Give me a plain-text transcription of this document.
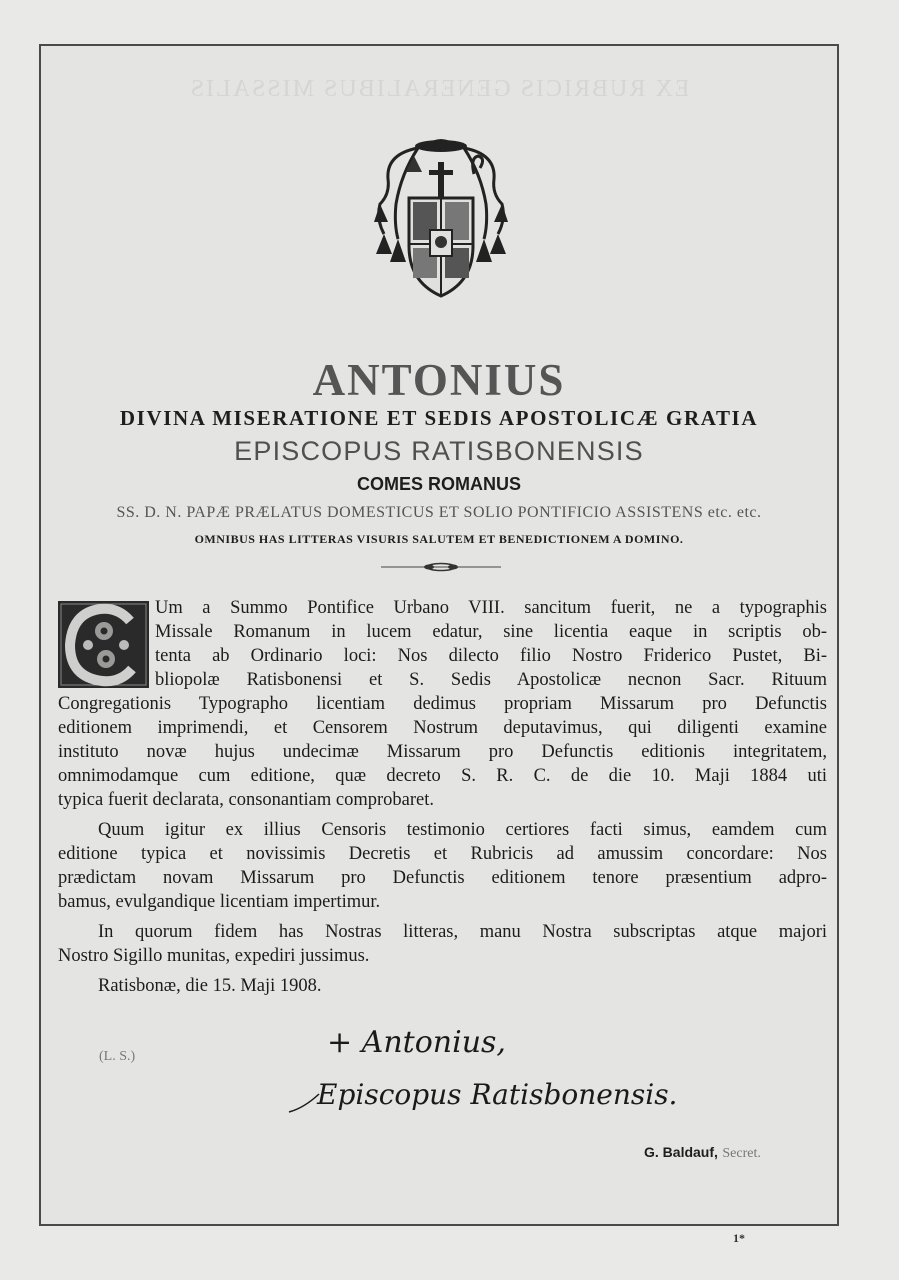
EX RUBRICIS GENERALIBUS MISSALIS
ANTONIUS
DIVINA MISERATIONE ET SEDIS APOSTOLICÆ GRATIA
EPISCOPUS RATISBONENSIS
COMES ROMANUS
SS. D. N. PAPÆ PRÆLATUS DOMESTICUS ET SOLIO PONTIFICIO ASSISTENS etc. etc.
OMNIBUS HAS LITTERAS VISURIS SALUTEM ET BENEDICTIONEM A DOMINO.
Um a Summo Pontifice Urbano VIII. sancitum fuerit, ne a typographis
Missale Romanum in lucem edatur, sine licentia eaque in scriptis ob-
tenta ab Ordinario loci: Nos dilecto filio Nostro Friderico Pustet, Bi-
bliopolæ Ratisbonensi et S. Sedis Apostolicæ necnon Sacr. Rituum
Congregationis Typographo licentiam dedimus propriam Missarum pro Defunctis
editionem imprimendi, et Censorem Nostrum deputavimus, qui diligenti examine
instituto novæ hujus undecimæ Missarum pro Defunctis editionis integritatem,
omnimodamque cum editione, quæ decreto S. R. C. de die 10. Maji 1884 uti
typica fuerit declarata, consonantiam comprobaret.
Quum igitur ex illius Censoris testimonio certiores facti simus, eamdem cum
editione typica et novissimis Decretis et Rubricis ad amussim concordare: Nos
prædictam novam Missarum pro Defunctis editionem tenore præsentium adpro-
bamus, evulgandique licentiam impertimur.
In quorum fidem has Nostras litteras, manu Nostra subscriptas atque majori
Nostro Sigillo munitas, expediri jussimus.
Ratisbonæ, die 15. Maji 1908.
(L. S.)	+ Antonius,
Episcopus Ratisbonensis.
G. Baldauf, Secret.
1*
